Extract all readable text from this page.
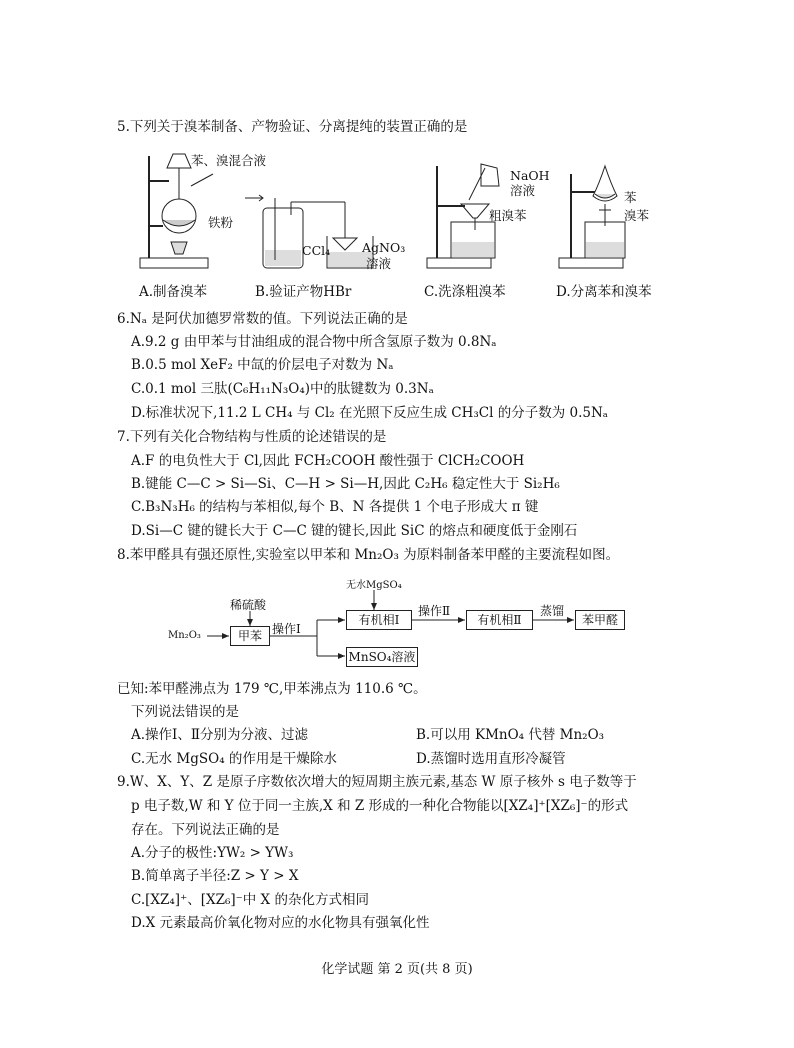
5.下列关于溴苯制备、产物验证、分离提纯的装置正确的是
苯、溴混合液
铁粉
CCl₄	AgNO₃
溶液
NaOH
溶液
粗溴苯
苯
溴苯
A.制备溴苯	B.验证产物HBr	C.洗涤粗溴苯	D.分离苯和溴苯
6.Nₐ 是阿伏加德罗常数的值。下列说法正确的是
A.9.2 g 由甲苯与甘油组成的混合物中所含氢原子数为 0.8Nₐ
B.0.5 mol XeF₂ 中氙的价层电子对数为 Nₐ
C.0.1 mol 三肽(C₆H₁₁N₃O₄)中的肽键数为 0.3Nₐ
D.标准状况下,11.2 L CH₄ 与 Cl₂ 在光照下反应生成 CH₃Cl 的分子数为 0.5Nₐ
7.下列有关化合物结构与性质的论述错误的是
A.F 的电负性大于 Cl,因此 FCH₂COOH 酸性强于 ClCH₂COOH
B.键能 C—C > Si—Si、C—H > Si—H,因此 C₂H₆ 稳定性大于 Si₂H₆
C.B₃N₃H₆ 的结构与苯相似,每个 B、N 各提供 1 个电子形成大 π 键
D.Si—C 键的键长大于 C—C 键的键长,因此 SiC 的熔点和硬度低于金刚石
8.苯甲醛具有强还原性,实验室以甲苯和 Mn₂O₃ 为原料制备苯甲醛的主要流程如图。
Mn₂O₃
稀硫酸
甲苯 操作Ⅰ
无水MgSO₄
有机相Ⅰ
操作Ⅱ
有机相Ⅱ
蒸馏
苯甲醛
MnSO₄溶液
已知:苯甲醛沸点为 179 ℃,甲苯沸点为 110.6 ℃。
下列说法错误的是
A.操作Ⅰ、Ⅱ分别为分液、过滤	B.可以用 KMnO₄ 代替 Mn₂O₃
C.无水 MgSO₄ 的作用是干燥除水	D.蒸馏时选用直形冷凝管
9.W、X、Y、Z 是原子序数依次增大的短周期主族元素,基态 W 原子核外 s 电子数等于
p 电子数,W 和 Y 位于同一主族,X 和 Z 形成的一种化合物能以[XZ₄]⁺[XZ₆]⁻的形式
存在。下列说法正确的是
A.分子的极性:YW₂ > YW₃
B.简单离子半径:Z > Y > X
C.[XZ₄]⁺、[XZ₆]⁻中 X 的杂化方式相同
D.X 元素最高价氧化物对应的水化物具有强氧化性
化学试题 第 2 页(共 8 页)
